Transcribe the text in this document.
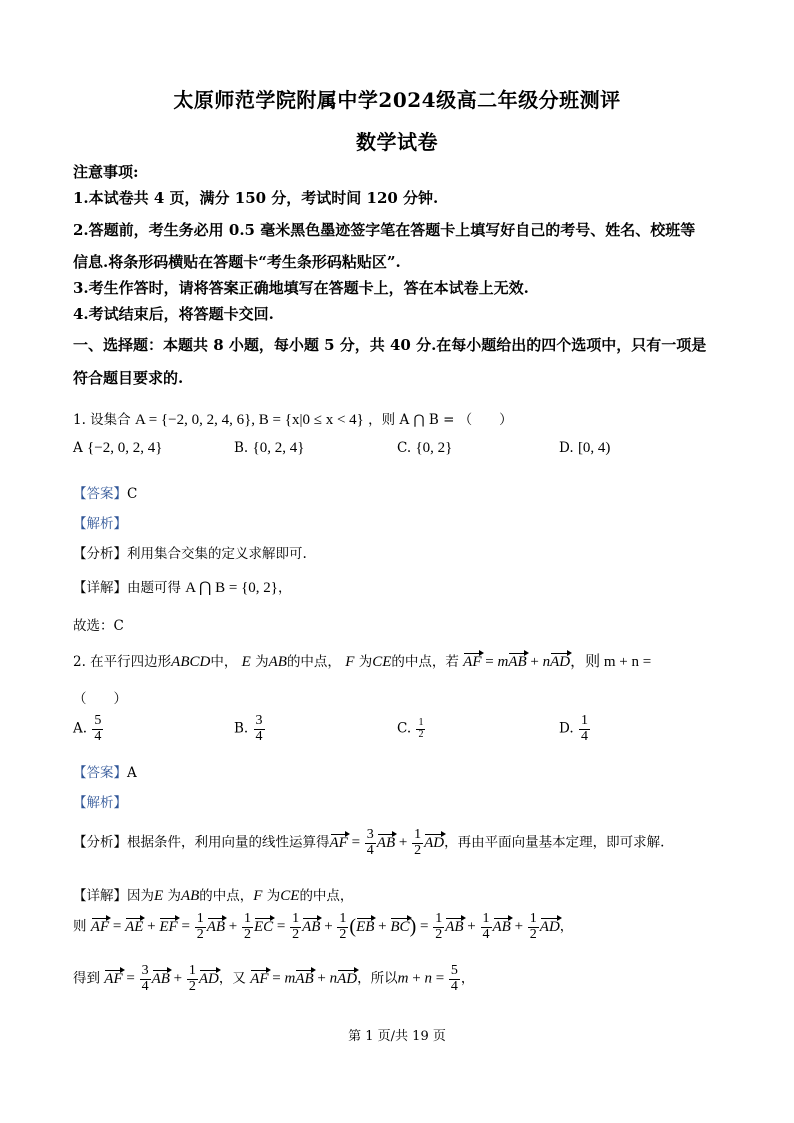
太原师范学院附属中学2024级高二年级分班测评
数学试卷
注意事项:
1.本试卷共 4 页，满分 150 分，考试时间 120 分钟.
2.答题前，考生务必用 0.5 毫米黑色墨迹签字笔在答题卡上填写好自己的考号、姓名、校班等
信息.将条形码横贴在答题卡“考生条形码粘贴区”.
3.考生作答时，请将答案正确地填写在答题卡上，答在本试卷上无效.
4.考试结束后，将答题卡交回.
一、选择题：本题共 8 小题，每小题 5 分，共 40 分.在每小题给出的四个选项中，只有一项是
符合题目要求的.
1. 设集合 A = {−2, 0, 2, 4, 6}, B = {x|0 ≤ x < 4} ，则 A ⋂ B = （　　）
A {−2, 0, 2, 4}	B. {0, 2, 4}	C. {0, 2}	D. [0, 4)
【答案】C
【解析】
【分析】利用集合交集的定义求解即可.
【详解】由题可得 A ⋂ B = {0, 2}，
故选：C
2. 在平行四边形ABCD中， E 为AB的中点， F 为CE的中点，若 AF = mAB + nAD，则 m + n =
（　　）
A. $\frac{5}{4}$	B. $\frac{3}{4}$	C. $\frac{1}{2}$	D. $\frac{1}{4}$
【答案】A
【解析】
【分析】根据条件，利用向量的线性运算得AF = $\frac{3}{4}$ AB + $\frac{1}{2}$ AD，再由平面向量基本定理，即可求解.
【详解】因为E 为AB的中点，F 为CE的中点，
则 AF = AE + EF = $\frac{1}{2}$ AB + $\frac{1}{2}$ EC = $\frac{1}{2}$ AB + $\frac{1}{2} (EB + BC) = \frac{1}{2}$ AB + $\frac{1}{4}$ AB + $\frac{1}{2}$ AD，
得到 AF = $\frac{3}{4}$ AB + $\frac{1}{2}$ AD，又 AF = mAB + nAD，所以$m + n = \frac{5}{4}$ ，
第 1 页/共 19 页
